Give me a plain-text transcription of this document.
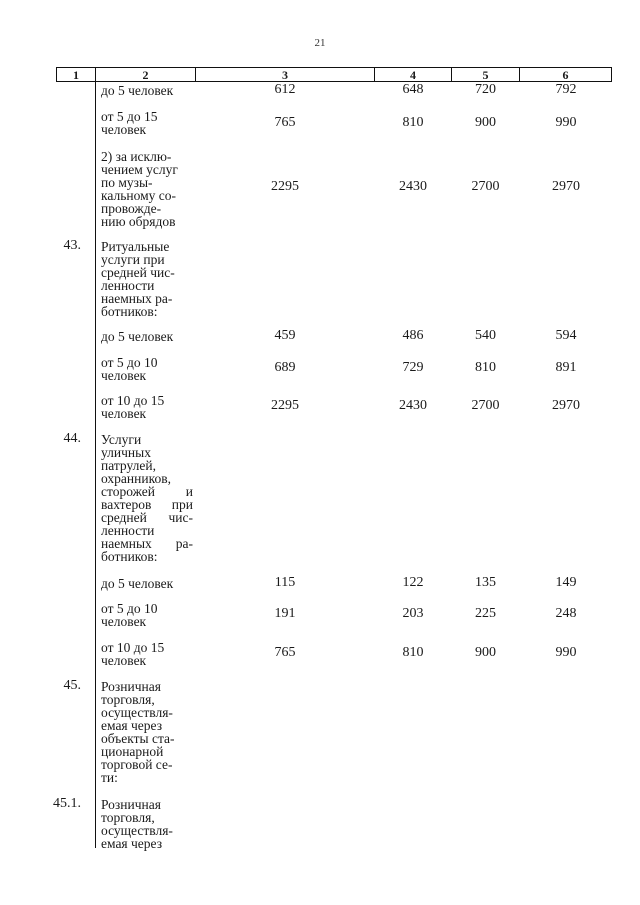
21
1	2	3	4	5	6
до 5 человек	612	648	720	792
от 5 до 15
человек	765	810	900	990
2) за исклю-
чением услуг
по музы-
кальному со-
провожде-
нию обрядов
2295	2430	2700	2970
43. Ритуальные
услуги при
средней чис-
ленности
наемных ра-
ботников:
до 5 человек	459	486	540	594
от 5 до 10
человек
689	729	810	891
от 10 до 15
человек
2295	2430	2700	2970
44. Услуги
уличных
патрулей,
охранников,
сторожей и
вахтеров при
средней чис-
ленности
наемных ра-
ботников:
до 5 человек	115	122	135	149
от 5 до 10
человек
191	203	225	248
от 10 до 15
человек
765	810	900	990
45. Розничная
торговля,
осуществля-
емая через
объекты ста-
ционарной
торговой се-
ти:
45.1. Розничная
торговля,
осуществля-
емая через
